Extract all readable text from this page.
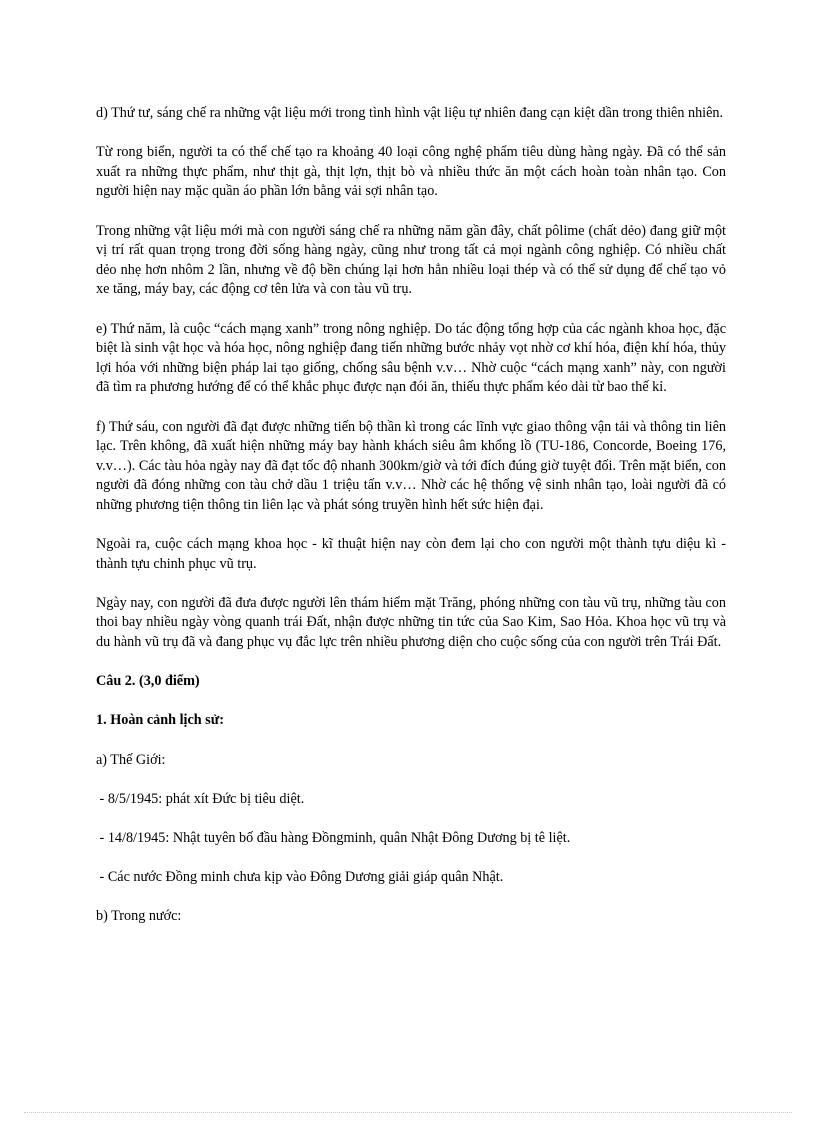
d) Thứ tư, sáng chế ra những vật liệu mới trong tình hình vật liệu tự nhiên đang cạn kiệt dần trong thiên nhiên.

Từ rong biển, người ta có thể chế tạo ra khoảng 40 loại công nghệ phẩm tiêu dùng hàng ngày. Đã có thể sản xuất ra những thực phẩm, như thịt gà, thịt lợn, thịt bò và nhiều thức ăn một cách hoàn toàn nhân tạo. Con người hiện nay mặc quần áo phần lớn bằng vải sợi nhân tạo.

Trong những vật liệu mới mà con người sáng chế ra những năm gần đây, chất pôlime (chất dẻo) đang giữ một vị trí rất quan trọng trong đời sống hàng ngày, cũng như trong tất cả mọi ngành công nghiệp. Có nhiều chất dẻo nhẹ hơn nhôm 2 lần, nhưng về độ bền chúng lại hơn hẳn nhiều loại thép và có thể sử dụng để chế tạo vỏ xe tăng, máy bay, các động cơ tên lửa và con tàu vũ trụ.

e) Thứ năm, là cuộc “cách mạng xanh” trong nông nghiệp. Do tác động tổng hợp của các ngành khoa học, đặc biệt là sinh vật học và hóa học, nông nghiệp đang tiến những bước nhảy vọt nhờ cơ khí hóa, điện khí hóa, thủy lợi hóa với những biện pháp lai tạo giống, chống sâu bệnh v.v… Nhờ cuộc “cách mạng xanh” này, con người đã tìm ra phương hướng để có thể khắc phục được nạn đói ăn, thiếu thực phẩm kéo dài từ bao thế kỉ.

f) Thứ sáu, con người đã đạt được những tiến bộ thần kì trong các lĩnh vực giao thông vận tải và thông tin liên lạc. Trên không, đã xuất hiện những máy bay hành khách siêu âm khổng lồ (TU-186, Concorde, Boeing 176, v.v…). Các tàu hỏa ngày nay đã đạt tốc độ nhanh 300km/giờ và tới đích đúng giờ tuyệt đối. Trên mặt biển, con người đã đóng những con tàu chở dầu 1 triệu tấn v.v… Nhờ các hệ thống vệ sinh nhân tạo, loài người đã có những phương tiện thông tin liên lạc và phát sóng truyền hình hết sức hiện đại.

Ngoài ra, cuộc cách mạng khoa học - kĩ thuật hiện nay còn đem lại cho con người một thành tựu diệu kì - thành tựu chinh phục vũ trụ.

Ngày nay, con người đã đưa được người lên thám hiểm mặt Trăng, phóng những con tàu vũ trụ, những tàu con thoi bay nhiều ngày vòng quanh trái Đất, nhận được những tin tức của Sao Kim, Sao Hỏa. Khoa học vũ trụ và du hành vũ trụ đã và đang phục vụ đắc lực trên nhiều phương diện cho cuộc sống của con người trên Trái Đất.

Câu 2. (3,0 điểm)

1. Hoàn cảnh lịch sử:

a) Thế Giới:

- 8/5/1945: phát xít Đức bị tiêu diệt.

- 14/8/1945: Nhật tuyên bố đầu hàng Đồngminh, quân Nhật Đông Dương bị tê liệt.

- Các nước Đồng minh chưa kịp vào Đông Dương giải giáp quân Nhật.

b) Trong nước:
